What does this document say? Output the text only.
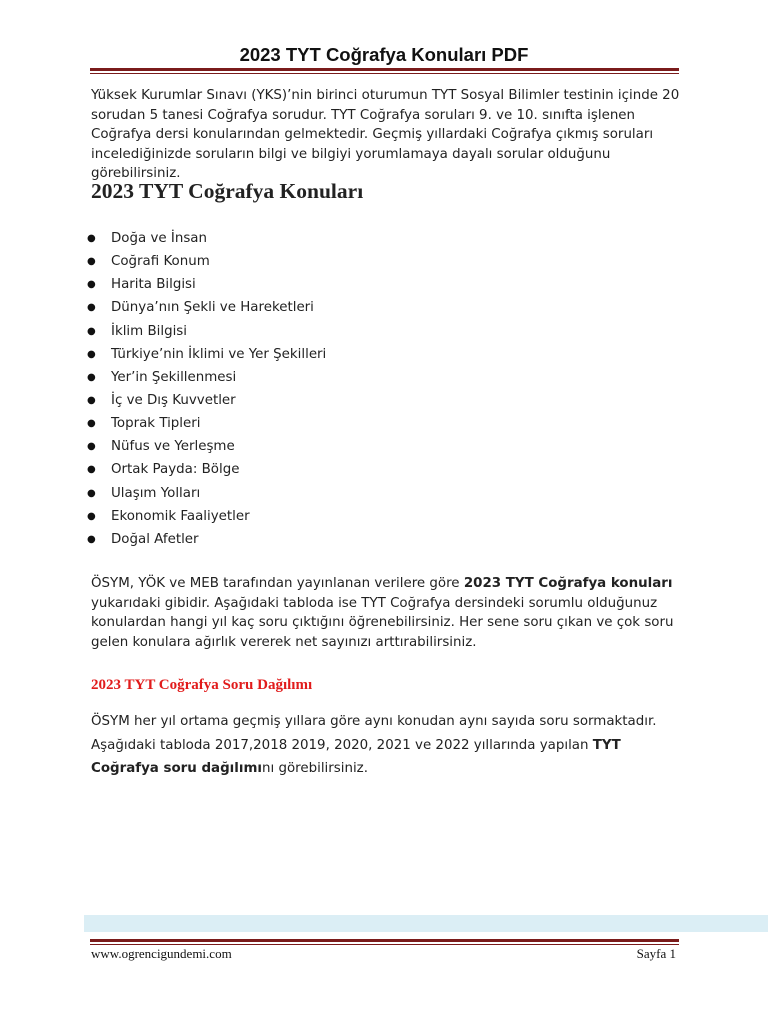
2023 TYT Coğrafya Konuları PDF

Yüksek Kurumlar Sınavı (YKS)’nin birinci oturumun TYT Sosyal Bilimler testinin içinde 20 sorudan 5 tanesi Coğrafya sorudur. TYT Coğrafya soruları 9. ve 10. sınıfta işlenen Coğrafya dersi konularından gelmektedir. Geçmiş yıllardaki Coğrafya çıkmış soruları incelediğinizde soruların bilgi ve bilgiyi yorumlamaya dayalı sorular olduğunu görebilirsiniz.

2023 TYT Coğrafya Konuları
● Doğa ve İnsan
● Coğrafi Konum
● Harita Bilgisi
● Dünya’nın Şekli ve Hareketleri
● İklim Bilgisi
● Türkiye’nin İklimi ve Yer Şekilleri
● Yer’in Şekillenmesi
● İç ve Dış Kuvvetler
● Toprak Tipleri
● Nüfus ve Yerleşme
● Ortak Payda: Bölge
● Ulaşım Yolları
● Ekonomik Faaliyetler
● Doğal Afetler

ÖSYM, YÖK ve MEB tarafından yayınlanan verilere göre 2023 TYT Coğrafya konuları yukarıdaki gibidir. Aşağıdaki tabloda ise TYT Coğrafya dersindeki sorumlu olduğunuz konulardan hangi yıl kaç soru çıktığını öğrenebilirsiniz. Her sene soru çıkan ve çok soru gelen konulara ağırlık vererek net sayınızı arttırabilirsiniz.

2023 TYT Coğrafya Soru Dağılımı

ÖSYM her yıl ortama geçmiş yıllara göre aynı konudan aynı sayıda soru sormaktadır. Aşağıdaki tabloda 2017,2018 2019, 2020, 2021 ve 2022 yıllarında yapılan TYT Coğrafya soru dağılımını görebilirsiniz.

www.ogrencigundemi.com	Sayfa 1
